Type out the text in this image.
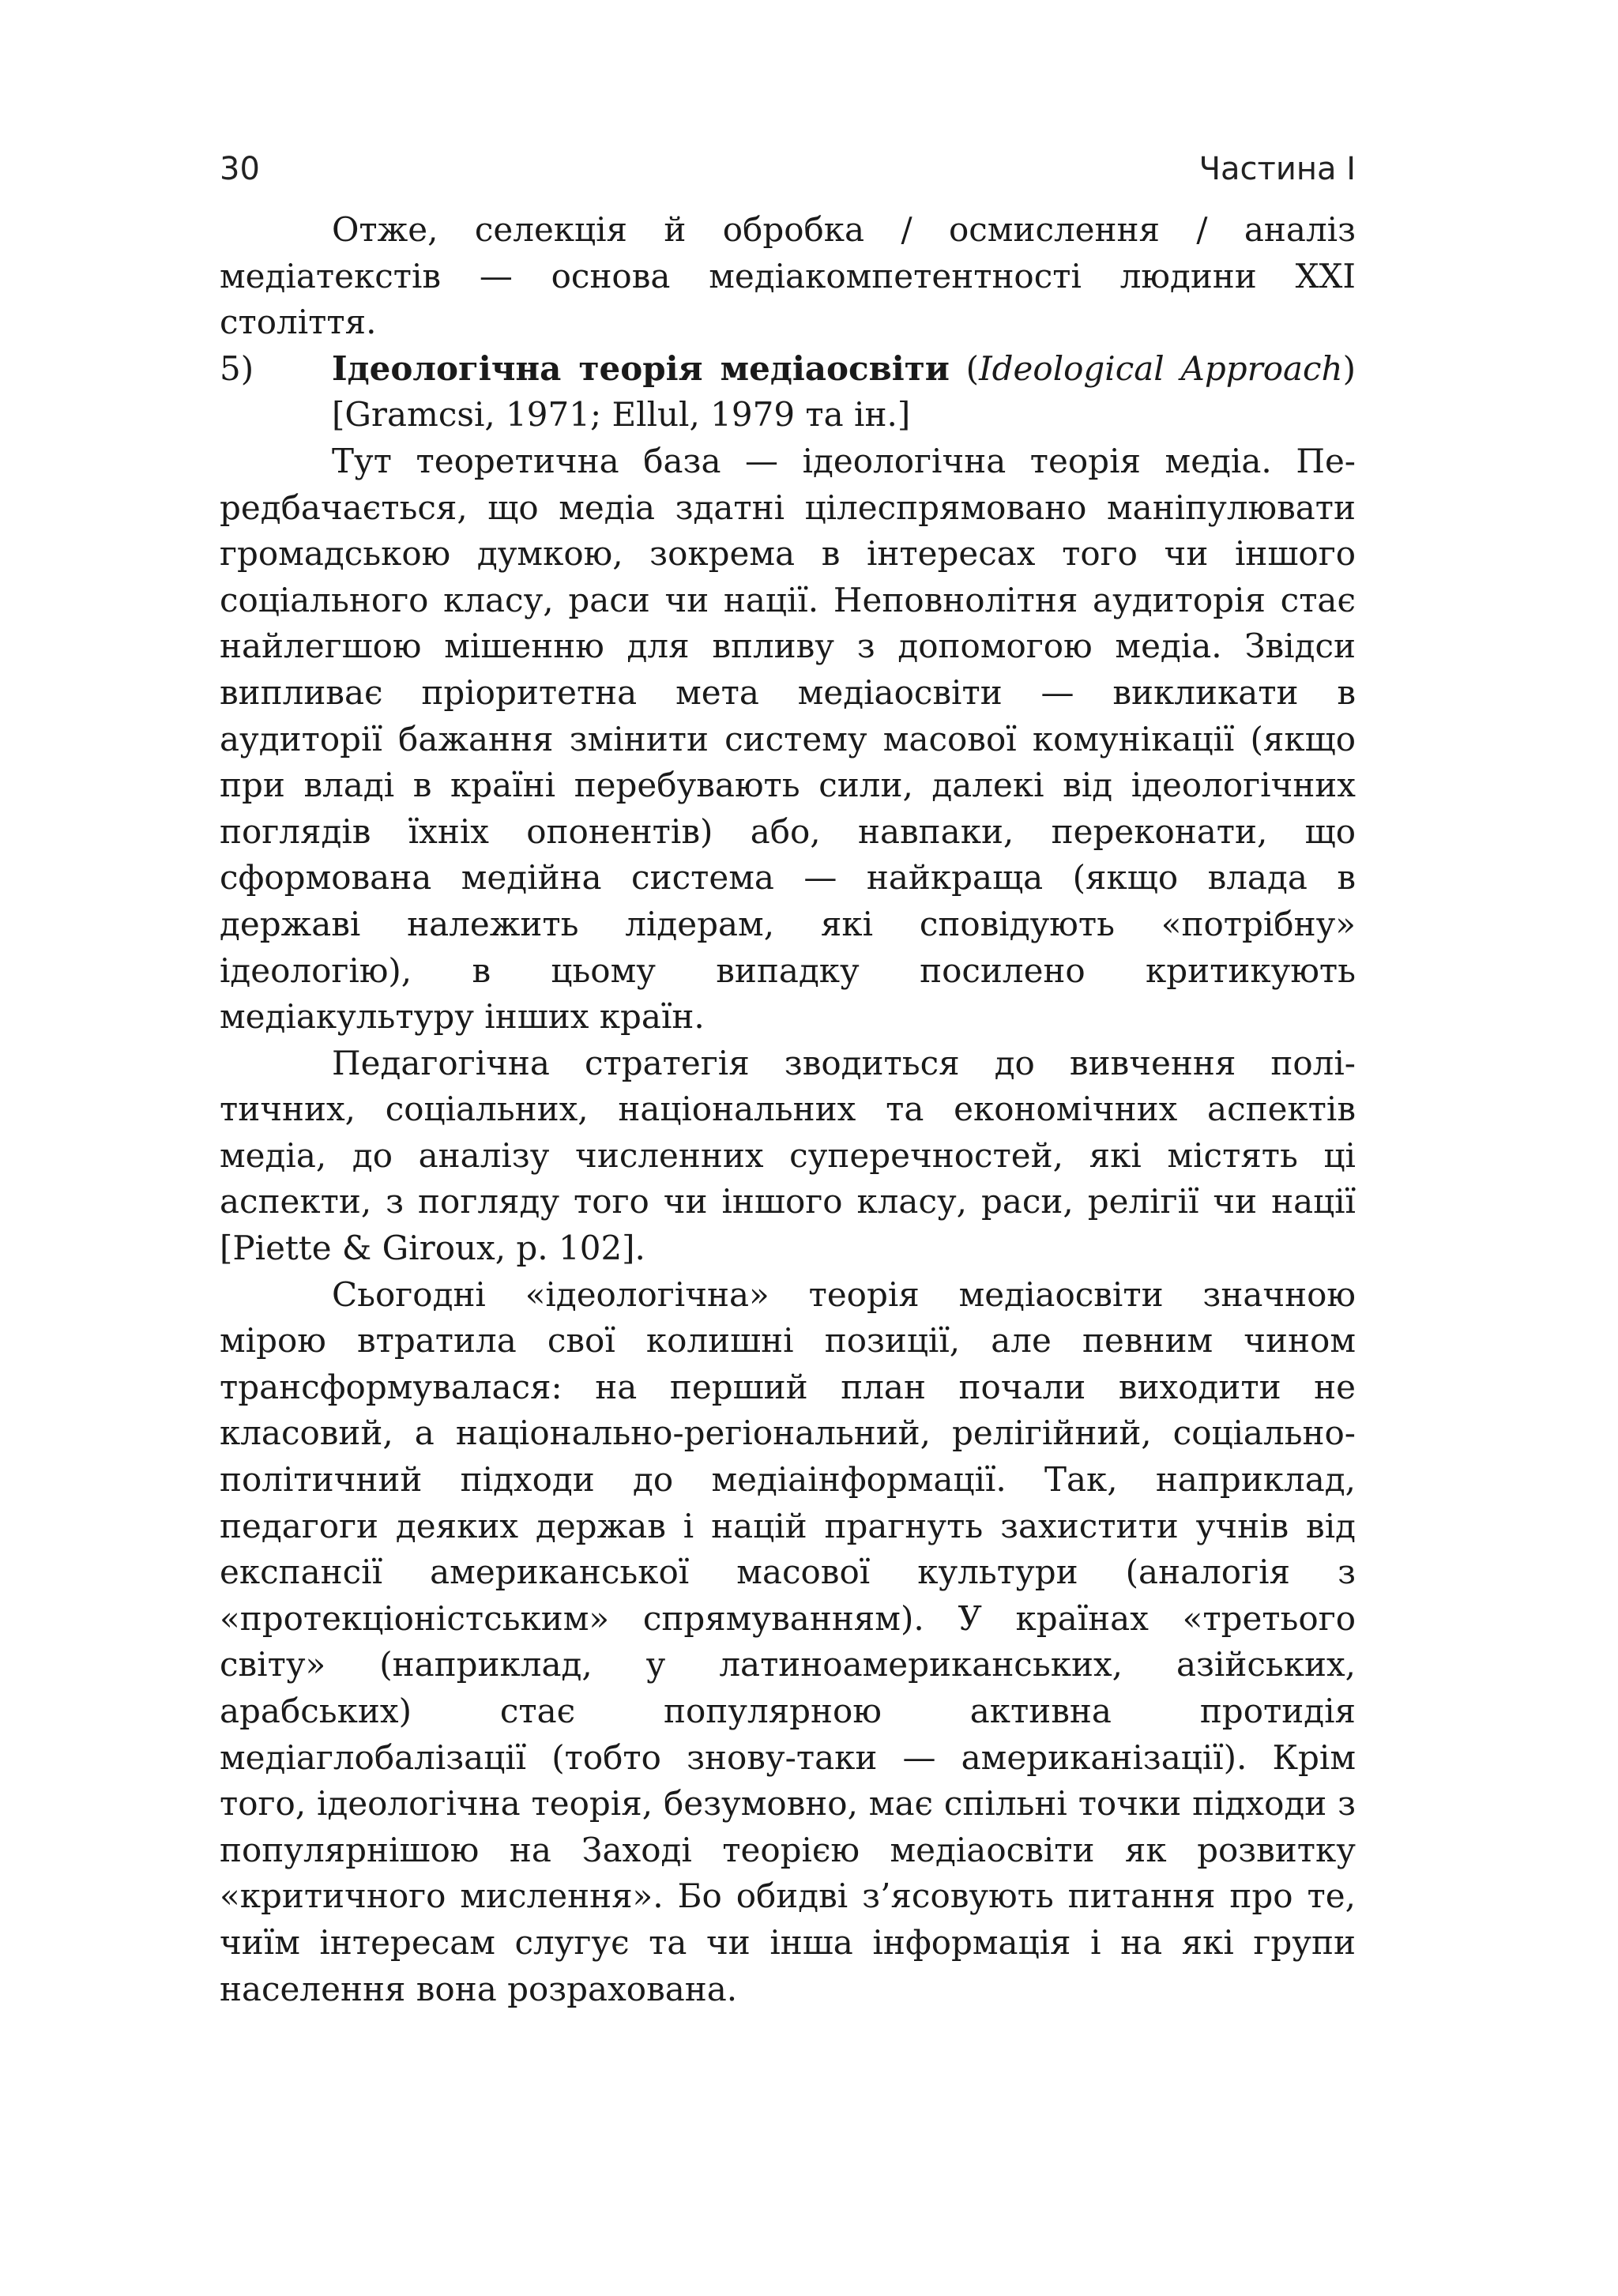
30	Частина І

Отже, селекція й обробка / осмислення / аналіз медіатекстів — основа медіакомпетентності людини XXI століття.

5) Ідеологічна теорія медіаосвіти (Ideological Approach) [Gramcsi, 1971; Ellul, 1979 та ін.]

Тут теоретична база — ідеологічна теорія медіа. Передбачається, що медіа здатні цілеспрямовано маніпулювати громадською думкою, зокрема в інтересах того чи іншого соціального класу, раси чи нації. Неповнолітня аудиторія стає найлегшою мішенню для впливу з допомогою медіа. Звідси випливає пріоритетна мета медіаосвіти — викликати в аудиторії бажання змінити систему масової комунікації (якщо при владі в країні перебувають сили, далекі від ідеологічних поглядів їхніх опонентів) або, навпаки, переконати, що сформована медійна система — найкраща (якщо влада в державі належить лідерам, які сповідують «потрібну» ідеологію), в цьому випадку посилено критикують медіакультуру інших країн.

Педагогічна стратегія зводиться до вивчення політичних, соціальних, національних та економічних аспектів медіа, до аналізу численних суперечностей, які містять ці аспекти, з погляду того чи іншого класу, раси, релігії чи нації [Piette & Giroux, p. 102].

Сьогодні «ідеологічна» теорія медіаосвіти значною мірою втратила свої колишні позиції, але певним чином трансформувалася: на перший план почали виходити не класовий, а національно-регіональний, релігійний, соціально-політичний підходи до медіаінформації. Так, наприклад, педагоги деяких держав і націй прагнуть захистити учнів від експансії американської масової культури (аналогія з «протекціоністським» спрямуванням). У країнах «третього світу» (наприклад, у латиноамериканських, азійських, арабських) стає популярною активна протидія медіаглобалізації (тобто знову-таки — американізації). Крім того, ідеологічна теорія, безумовно, має спільні точки підходи з популярнішою на Заході теорією медіаосвіти як розвитку «критичного мислення». Бо обидві з’ясовують питання про те, чиїм інтересам слугує та чи інша інформація і на які групи населення вона розрахована.
